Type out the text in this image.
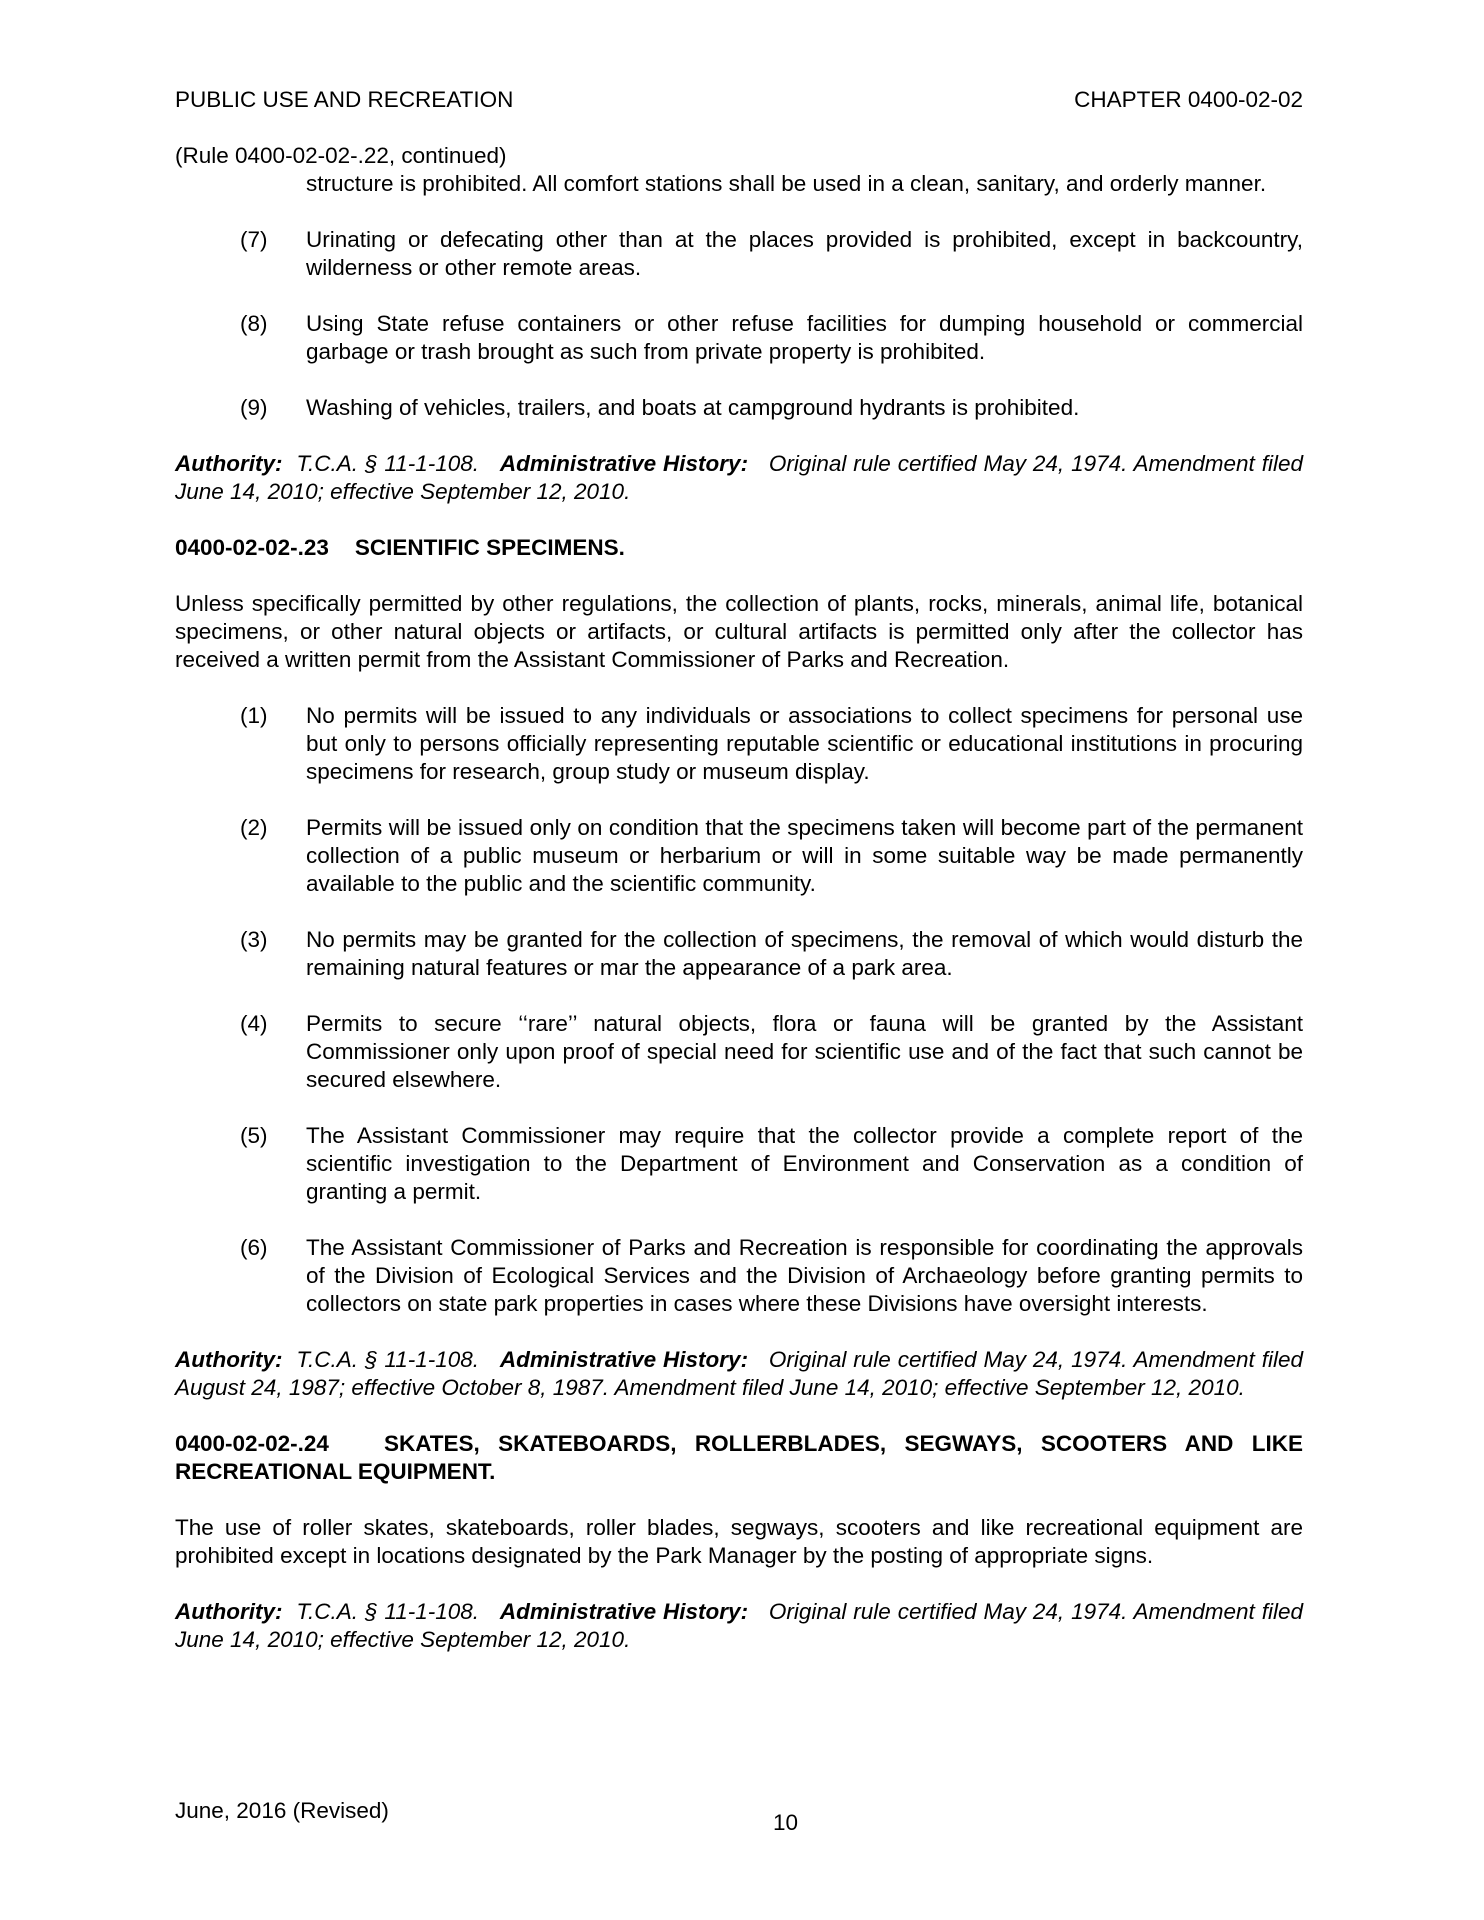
PUBLIC USE AND RECREATION	CHAPTER 0400-02-02
(Rule 0400-02-02-.22, continued)
structure is prohibited. All comfort stations shall be used in a clean, sanitary, and orderly manner.
(7) Urinating or defecating other than at the places provided is prohibited, except in backcountry, wilderness or other remote areas.
(8) Using State refuse containers or other refuse facilities for dumping household or commercial garbage or trash brought as such from private property is prohibited.
(9) Washing of vehicles, trailers, and boats at campground hydrants is prohibited.
Authority: T.C.A. § 11-1-108. Administrative History: Original rule certified May 24, 1974. Amendment filed June 14, 2010; effective September 12, 2010.
0400-02-02-.23 SCIENTIFIC SPECIMENS.

Unless specifically permitted by other regulations, the collection of plants, rocks, minerals, animal life, botanical specimens, or other natural objects or artifacts, or cultural artifacts is permitted only after the collector has received a written permit from the Assistant Commissioner of Parks and Recreation.

(1) No permits will be issued to any individuals or associations to collect specimens for personal use but only to persons officially representing reputable scientific or educational institutions in procuring specimens for research, group study or museum display.
(2) Permits will be issued only on condition that the specimens taken will become part of the permanent collection of a public museum or herbarium or will in some suitable way be made permanently available to the public and the scientific community.
(3) No permits may be granted for the collection of specimens, the removal of which would disturb the remaining natural features or mar the appearance of a park area.
(4) Permits to secure ‘‘rare’’ natural objects, flora or fauna will be granted by the Assistant Commissioner only upon proof of special need for scientific use and of the fact that such cannot be secured elsewhere.
(5) The Assistant Commissioner may require that the collector provide a complete report of the scientific investigation to the Department of Environment and Conservation as a condition of granting a permit.
(6) The Assistant Commissioner of Parks and Recreation is responsible for coordinating the approvals of the Division of Ecological Services and the Division of Archaeology before granting permits to collectors on state park properties in cases where these Divisions have oversight interests.
Authority: T.C.A. § 11-1-108. Administrative History: Original rule certified May 24, 1974. Amendment filed August 24, 1987; effective October 8, 1987. Amendment filed June 14, 2010; effective September 12, 2010.
0400-02-02-.24 SKATES, SKATEBOARDS, ROLLERBLADES, SEGWAYS, SCOOTERS AND LIKE RECREATIONAL EQUIPMENT.

The use of roller skates, skateboards, roller blades, segways, scooters and like recreational equipment are prohibited except in locations designated by the Park Manager by the posting of appropriate signs.

Authority: T.C.A. § 11-1-108. Administrative History: Original rule certified May 24, 1974. Amendment filed June 14, 2010; effective September 12, 2010.
June, 2016 (Revised)	10
